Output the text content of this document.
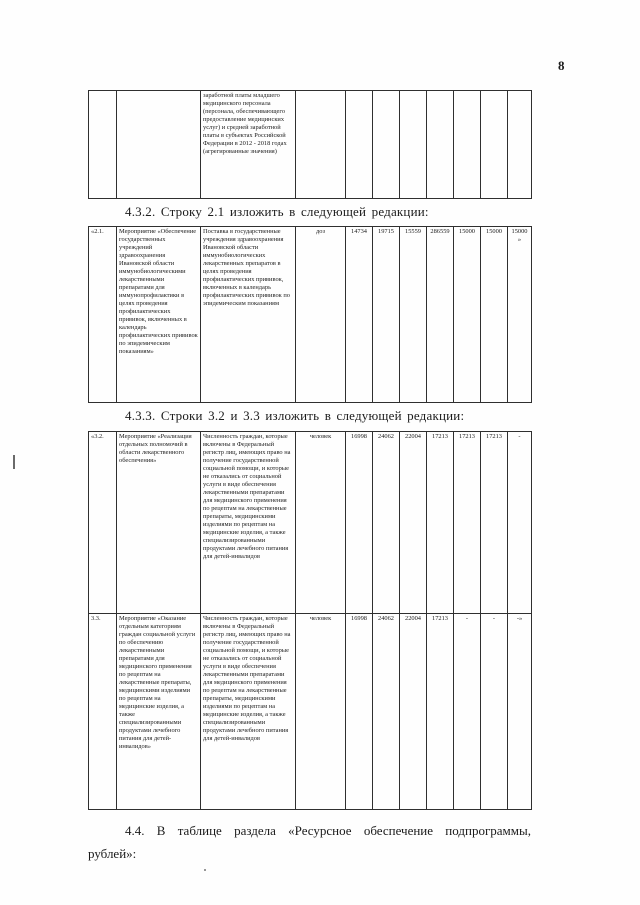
8
		заработной платы младшего медицинского персонала (персонала, обеспечивающего предоставление медицинских услуг) и средней заработной платы в субъектах Российской Федерации в 2012 - 2018 годах (агрегированные значения)								

4.3.2. Строку 2.1 изложить в следующей редакции:

«2.1.	Мероприятие «Обеспечение государственных учреждений здравоохранения Ивановской области иммунобиологическими лекарственными препаратами для иммунопрофилактики в целях проведения профилактических прививок, включенных в календарь профилактических прививок по эпидемическим показаниям»	Поставка в государственные учреждения здравоохранения Ивановской области иммунобиологических лекарственных препаратов в целях проведения профилактических прививок, включенных в календарь профилактических прививок по эпидемическим показаниям	доз	14734	19715	15559	286559	15000	15000	15000»

4.3.3. Строки 3.2 и 3.3 изложить в следующей редакции:

«3.2.	Мероприятие «Реализация отдельных полномочий в области лекарственного обеспечения»	Численность граждан, которые включены в Федеральный регистр лиц, имеющих право на получение государственной социальной помощи, и которые не отказались от социальной услуги в виде обеспечения лекарственными препаратами для медицинского применения по рецептам на лекарственные препараты, медицинскими изделиями по рецептам на медицинские изделия, а также специализированными продуктами лечебного питания для детей-инвалидов	человек	16998	24062	22004	17213	17213	17213	-
3.3.	Мероприятие «Оказание отдельным категориям граждан социальной услуги по обеспечению лекарственными препаратами для медицинского применения по рецептам на лекарственные препараты, медицинскими изделиями по рецептам на медицинские изделия, а также специализированными продуктами лечебного питания для детей-инвалидов»	Численность граждан, которые включены в Федеральный регистр лиц, имеющих право на получение государственной социальной помощи, и которые не отказались от социальной услуги в виде обеспечения лекарственными препаратами для медицинского применения по рецептам на лекарственные препараты, медицинскими изделиями по рецептам на медицинские изделия, а также специализированными продуктами лечебного питания для детей-инвалидов	человек	16998	24062	22004	17213	-	-	-»

4.4. В таблице раздела «Ресурсное обеспечение подпрограммы, рублей»:
